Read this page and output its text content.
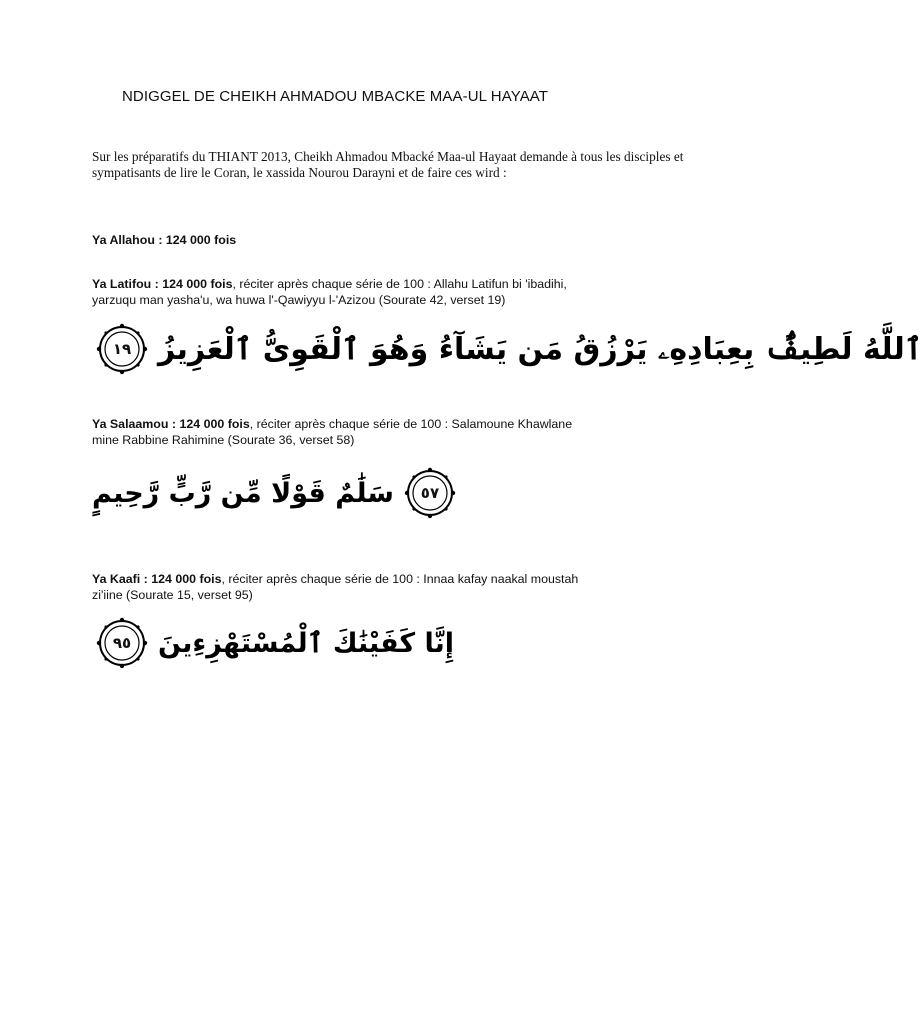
NDIGGEL DE CHEIKH AHMADOU MBACKE MAA-UL HAYAAT
Sur les préparatifs du THIANT 2013, Cheikh Ahmadou Mbacké Maa-ul Hayaat demande à tous les disciples et sympatisants de lire le Coran, le xassida Nourou Darayni et de faire ces wird :
Ya Allahou : 124 000 fois
Ya Latifou : 124 000 fois, réciter après chaque série de 100 : Allahu Latifun bi 'ibadihi,
yarzuqu man yasha'u, wa huwa l'-Qawiyyu l-'Azizou (Sourate 42, verset 19)
١٩ ٱللَّهُ لَطِيفٌۢ بِعِبَادِهِۦ يَرْزُقُ مَن يَشَآءُ وَهُوَ ٱلْقَوِىُّ ٱلْعَزِيزُ
Ya Salaamou : 124 000 fois, réciter après chaque série de 100 : Salamoune Khawlane
mine Rabbine Rahimine (Sourate 36, verset 58)
سَلَٰمٌ قَوْلًا مِّن رَّبٍّ رَّحِيمٍ	٥٧
Ya Kaafi : 124 000 fois, réciter après chaque série de 100 : Innaa kafay naakal moustah
zi'iine (Sourate 15, verset 95)
٩٥ إِنَّا كَفَيْنَٰكَ ٱلْمُسْتَهْزِءِينَ
